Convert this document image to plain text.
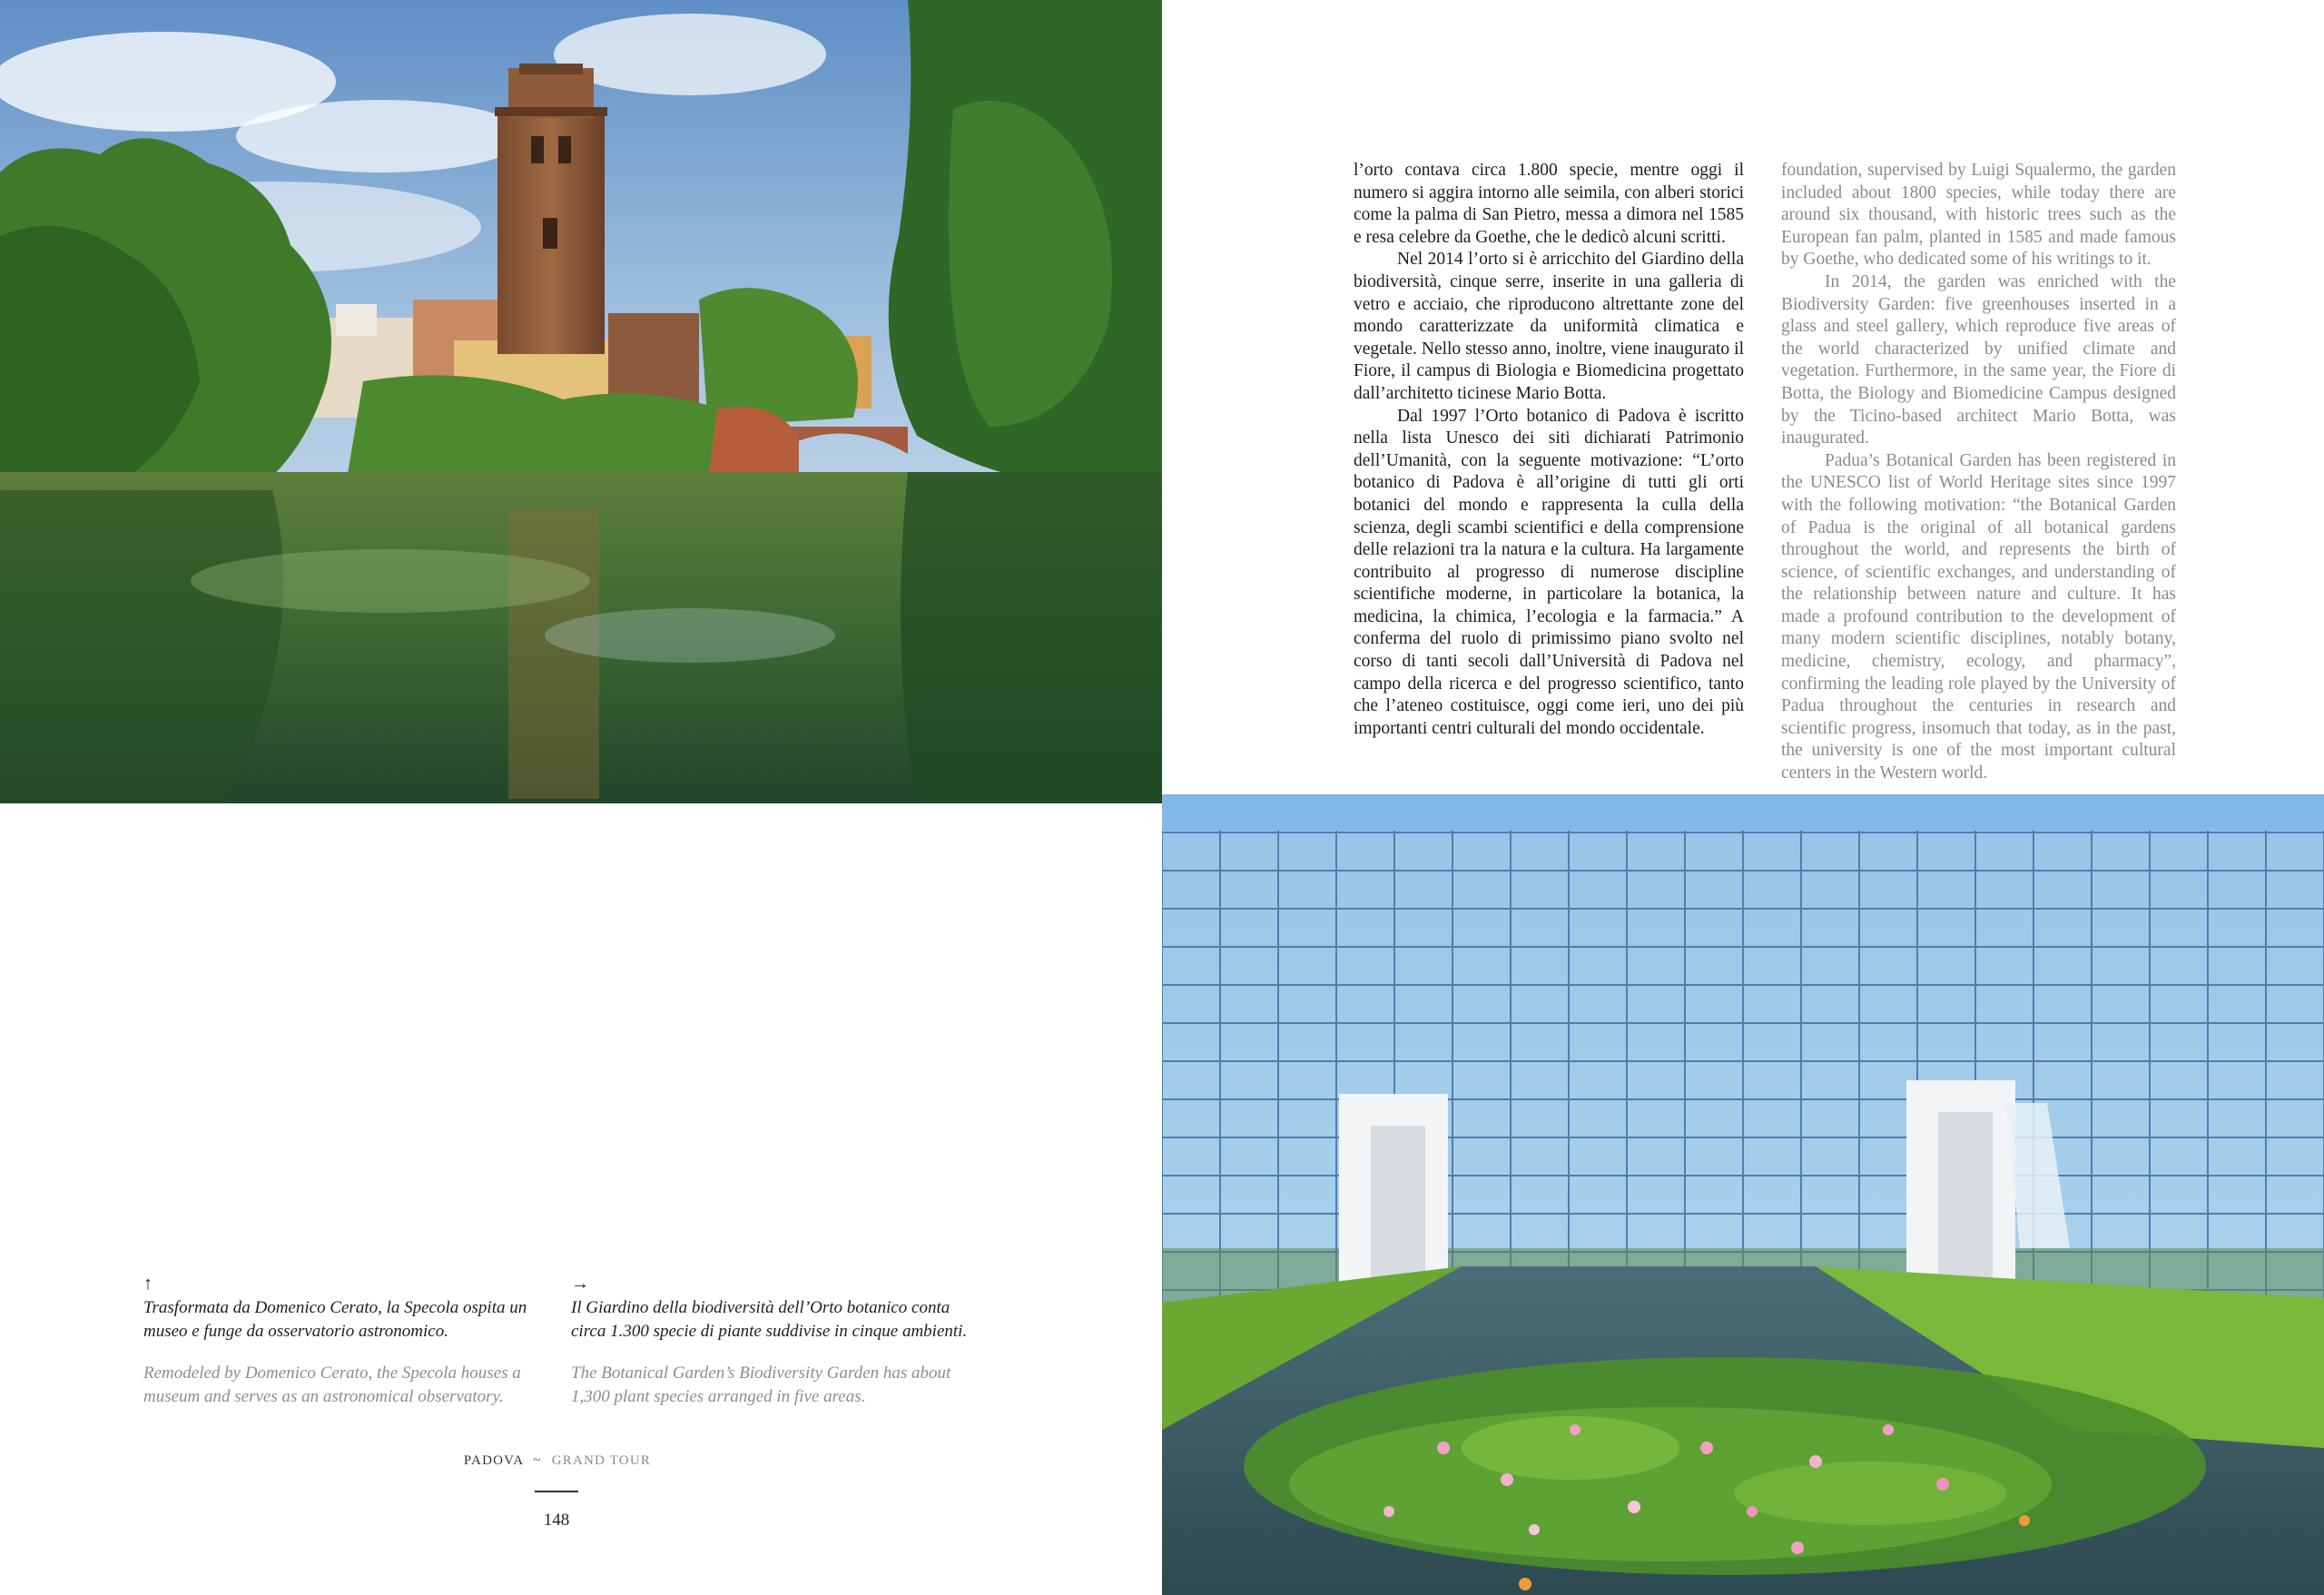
l’orto contava circa 1.800 specie, mentre oggi il numero si aggira intorno alle seimila, con alberi storici come la palma di San Pietro, messa a dimora nel 1585 e resa celebre da Goethe, che le dedicò alcuni scritti.

Nel 2014 l’orto si è arricchito del Giardino della biodiversità, cinque serre, inserite in una galleria di vetro e acciaio, che riproducono altrettante zone del mondo caratterizzate da uniformità climatica e vegetale. Nello stesso anno, inoltre, viene inaugurato il Fiore, il campus di Biologia e Biomedicina progettato dall’architetto ticinese Mario Botta.

Dal 1997 l’Orto botanico di Padova è iscritto nella lista Unesco dei siti dichiarati Patrimonio dell’Umanità, con la seguente motivazione: “L’orto botanico di Padova è all’origine di tutti gli orti botanici del mondo e rappresenta la culla della scienza, degli scambi scientifici e della comprensione delle relazioni tra la natura e la cultura. Ha largamente contribuito al progresso di numerose discipline scientifiche moderne, in particolare la botanica, la medicina, la chimica, l’ecologia e la farmacia.” A conferma del ruolo di primissimo piano svolto nel corso di tanti secoli dall’Università di Padova nel campo della ricerca e del progresso scientifico, tanto che l’ateneo costituisce, oggi come ieri, uno dei più importanti centri culturali del mondo occidentale.

foundation, supervised by Luigi Squalermo, the garden included about 1800 species, while today there are around six thousand, with historic trees such as the European fan palm, planted in 1585 and made famous by Goethe, who dedicated some of his writings to it.

In 2014, the garden was enriched with the Biodiversity Garden: five greenhouses inserted in a glass and steel gallery, which reproduce five areas of the world characterized by unified climate and vegetation. Furthermore, in the same year, the Fiore di Botta, the Biology and Biomedicine Campus designed by the Ticino-based architect Mario Botta, was inaugurated.

Padua’s Botanical Garden has been registered in the UNESCO list of World Heritage sites since 1997 with the following motivation: “the Botanical Garden of Padua is the original of all botanical gardens throughout the world, and represents the birth of science, of scientific exchanges, and understanding of the relationship between nature and culture. It has made a profound contribution to the development of many modern scientific disciplines, notably botany, medicine, chemistry, ecology, and pharmacy”, confirming the leading role played by the University of Padua throughout the centuries in research and scientific progress, insomuch that today, as in the past, the university is one of the most important cultural centers in the Western world.

↑
Trasformata da Domenico Cerato, la Specola ospita un museo e funge da osservatorio astronomico.
Remodeled by Domenico Cerato, the Specola houses a museum and serves as an astronomical observatory.
→
Il Giardino della biodiversità dell’Orto botanico conta circa 1.300 specie di piante suddivise in cinque ambienti.
The Botanical Garden’s Biodiversity Garden has about 1,300 plant species arranged in five areas.
PADOVA ~ GRAND TOUR
148
